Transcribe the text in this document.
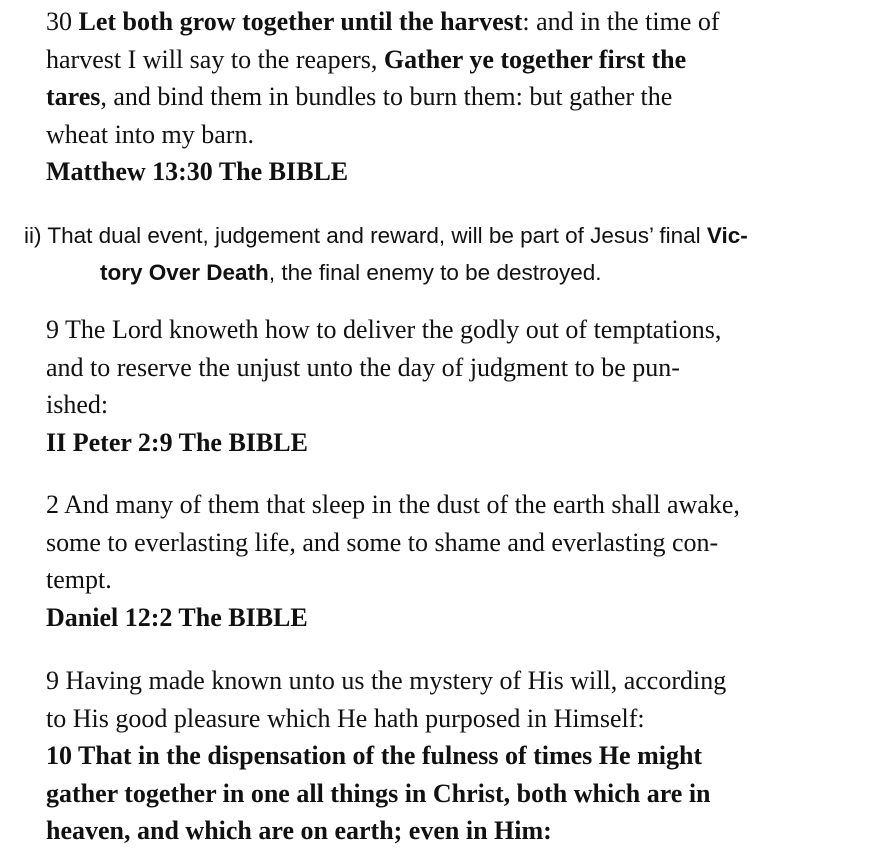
30 Let both grow together until the harvest: and in the time of
harvest I will say to the reapers, Gather ye together first the
tares, and bind them in bundles to burn them: but gather the
wheat into my barn.
Matthew 13:30 The BIBLE
ii) That dual event, judgement and reward, will be part of Jesus’ final Vic-
tory Over Death, the final enemy to be destroyed.
9 The Lord knoweth how to deliver the godly out of temptations,
and to reserve the unjust unto the day of judgment to be pun-
ished:
II Peter 2:9 The BIBLE
2 And many of them that sleep in the dust of the earth shall awake,
some to everlasting life, and some to shame and everlasting con-
tempt.
Daniel 12:2 The BIBLE
9 Having made known unto us the mystery of His will, according
to His good pleasure which He hath purposed in Himself:
10 That in the dispensation of the fulness of times He might
gather together in one all things in Christ, both which are in
heaven, and which are on earth; even in Him:
